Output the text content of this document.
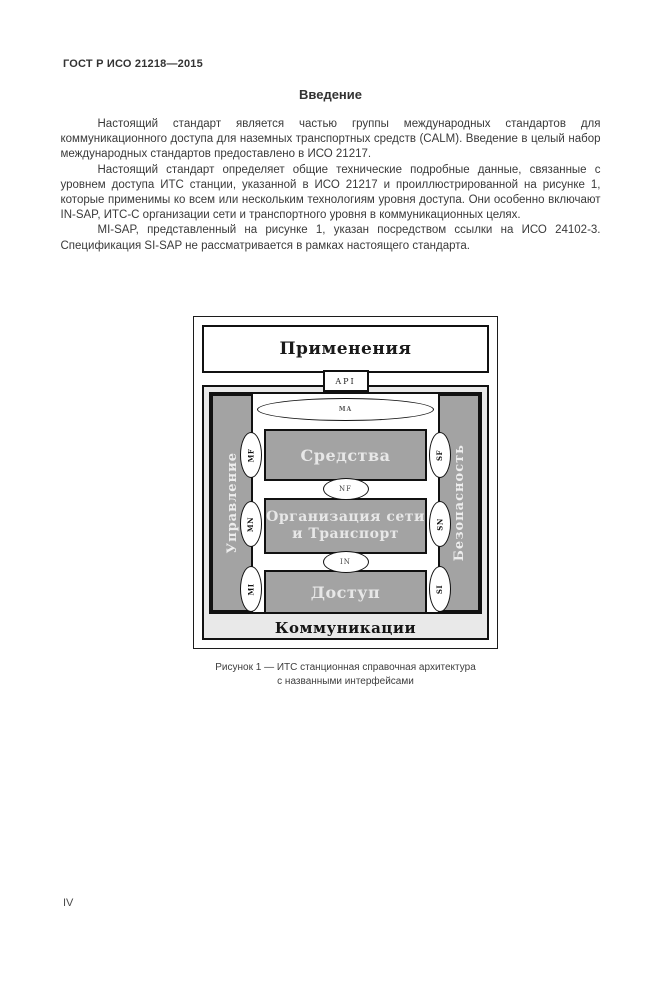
ГОСТ Р ИСО 21218—2015
Введение

Настоящий стандарт является частью группы международных стандартов для коммуникационного доступа для наземных транспортных средств (CALM). Введение в целый набор международных стандартов предоставлено в ИСО 21217.

Настоящий стандарт определяет общие технические подробные данные, связанные с уровнем доступа ИТС станции, указанной в ИСО 21217 и проиллюстрированной на рисунке 1, которые применимы ко всем или нескольким технологиям уровня доступа. Они особенно включают IN-SAP, ИТС-С организации сети и транспортного уровня в коммуникационных целях.

MI-SAP, представленный на рисунке 1, указан посредством ссылки на ИСО 24102-3. Спецификация SI-SAP не рассматривается в рамках настоящего стандарта.

Применения
API
Управление
MA
Средства
Организация сети
и Транспорт
Доступ
Безопасность
MF	SF
MN	SN
MI	SI
NF
IN
Коммуникации
Рисунок 1 — ИТС станционная справочная архитектура
с названными интерфейсами
IV
